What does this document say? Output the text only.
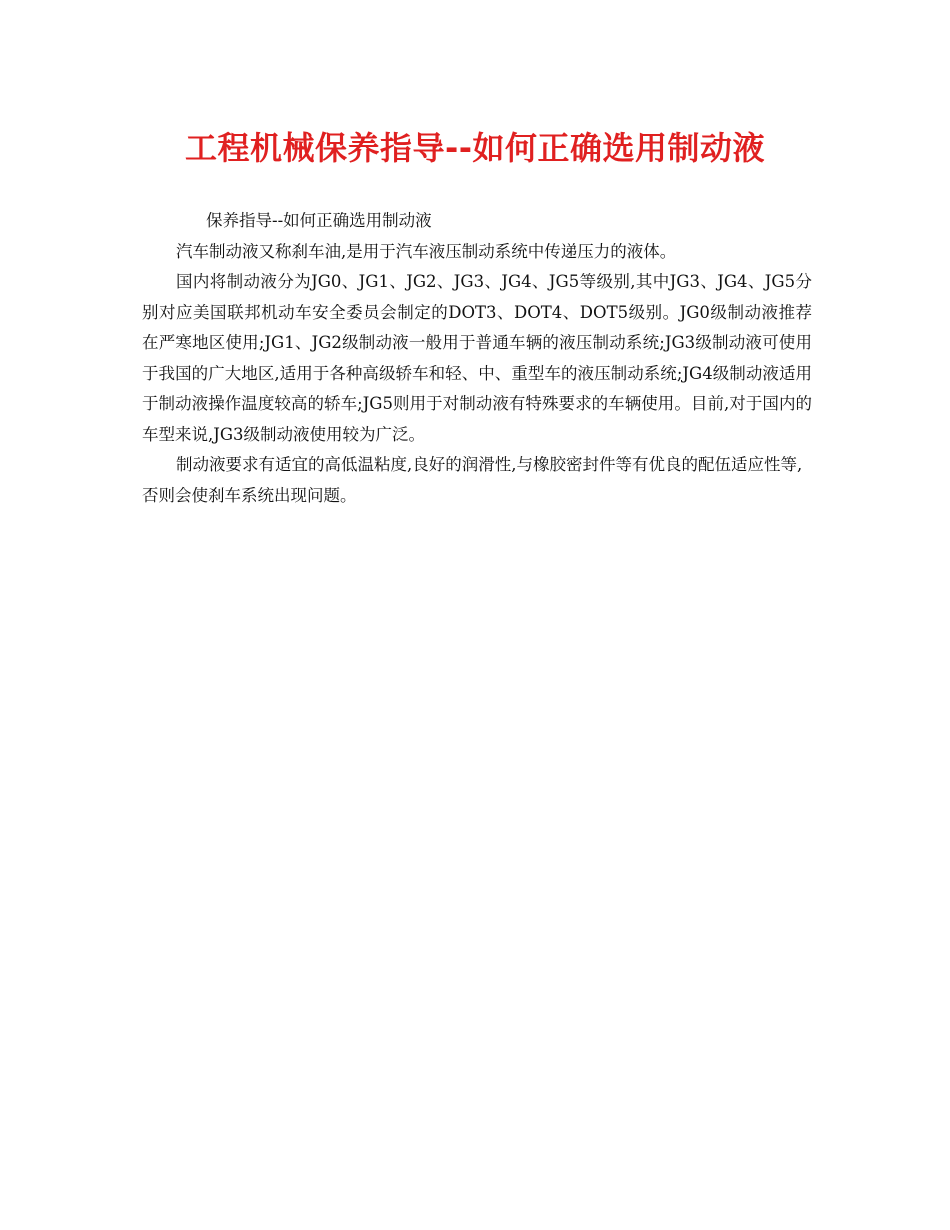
工程机械保养指导--如何正确选用制动液

保养指导--如何正确选用制动液

汽车制动液又称刹车油,是用于汽车液压制动系统中传递压力的液体。

国内将制动液分为JG0、JG1、JG2、JG3、JG4、JG5等级别,其中JG3、JG4、JG5分别对应美国联邦机动车安全委员会制定的DOT3、DOT4、DOT5级别。JG0级制动液推荐在严寒地区使用;JG1、JG2级制动液一般用于普通车辆的液压制动系统;JG3级制动液可使用于我国的广大地区,适用于各种高级轿车和轻、中、重型车的液压制动系统;JG4级制动液适用于制动液操作温度较高的轿车;JG5则用于对制动液有特殊要求的车辆使用。目前,对于国内的车型来说,JG3级制动液使用较为广泛。

制动液要求有适宜的高低温粘度,良好的润滑性,与橡胶密封件等有优良的配伍适应性等,否则会使刹车系统出现问题。
